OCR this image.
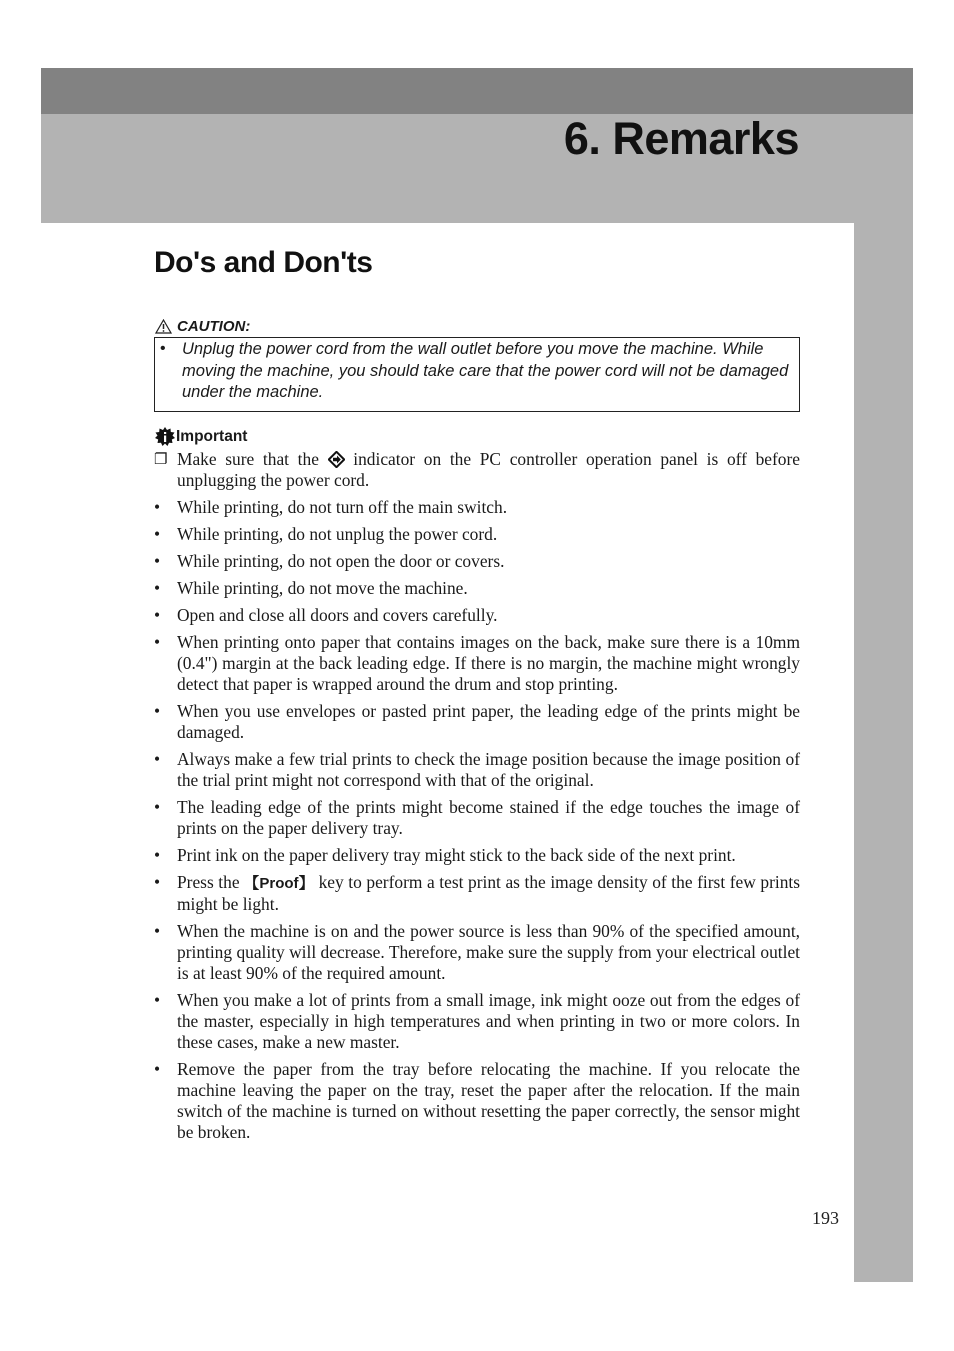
6. Remarks
Do's and Don'ts
CAUTION:
• Unplug the power cord from the wall outlet before you move the machine. While moving the machine, you should take care that the power cord will not be damaged under the machine.
Important
❐ Make sure that the  indicator on the PC controller operation panel is off before unplugging the power cord.
• While printing, do not turn off the main switch.
• While printing, do not unplug the power cord.
• While printing, do not open the door or covers.
• While printing, do not move the machine.
• Open and close all doors and covers carefully.
• When printing onto paper that contains images on the back, make sure there is a 10mm (0.4") margin at the back leading edge. If there is no margin, the machine might wrongly detect that paper is wrapped around the drum and stop printing.
• When you use envelopes or pasted print paper, the leading edge of the prints might be damaged.
• Always make a few trial prints to check the image position because the image position of the trial print might not correspond with that of the original.
• The leading edge of the prints might become stained if the edge touches the image of prints on the paper delivery tray.
• Print ink on the paper delivery tray might stick to the back side of the next print.
• Press the 【Proof】 key to perform a test print as the image density of the first few prints might be light.
• When the machine is on and the power source is less than 90% of the specified amount, printing quality will decrease. Therefore, make sure the supply from your electrical outlet is at least 90% of the required amount.
• When you make a lot of prints from a small image, ink might ooze out from the edges of the master, especially in high temperatures and when printing in two or more colors. In these cases, make a new master.
• Remove the paper from the tray before relocating the machine. If you relocate the machine leaving the paper on the tray, reset the paper after the relocation. If the main switch of the machine is turned on without resetting the paper correctly, the sensor might be broken.
193
